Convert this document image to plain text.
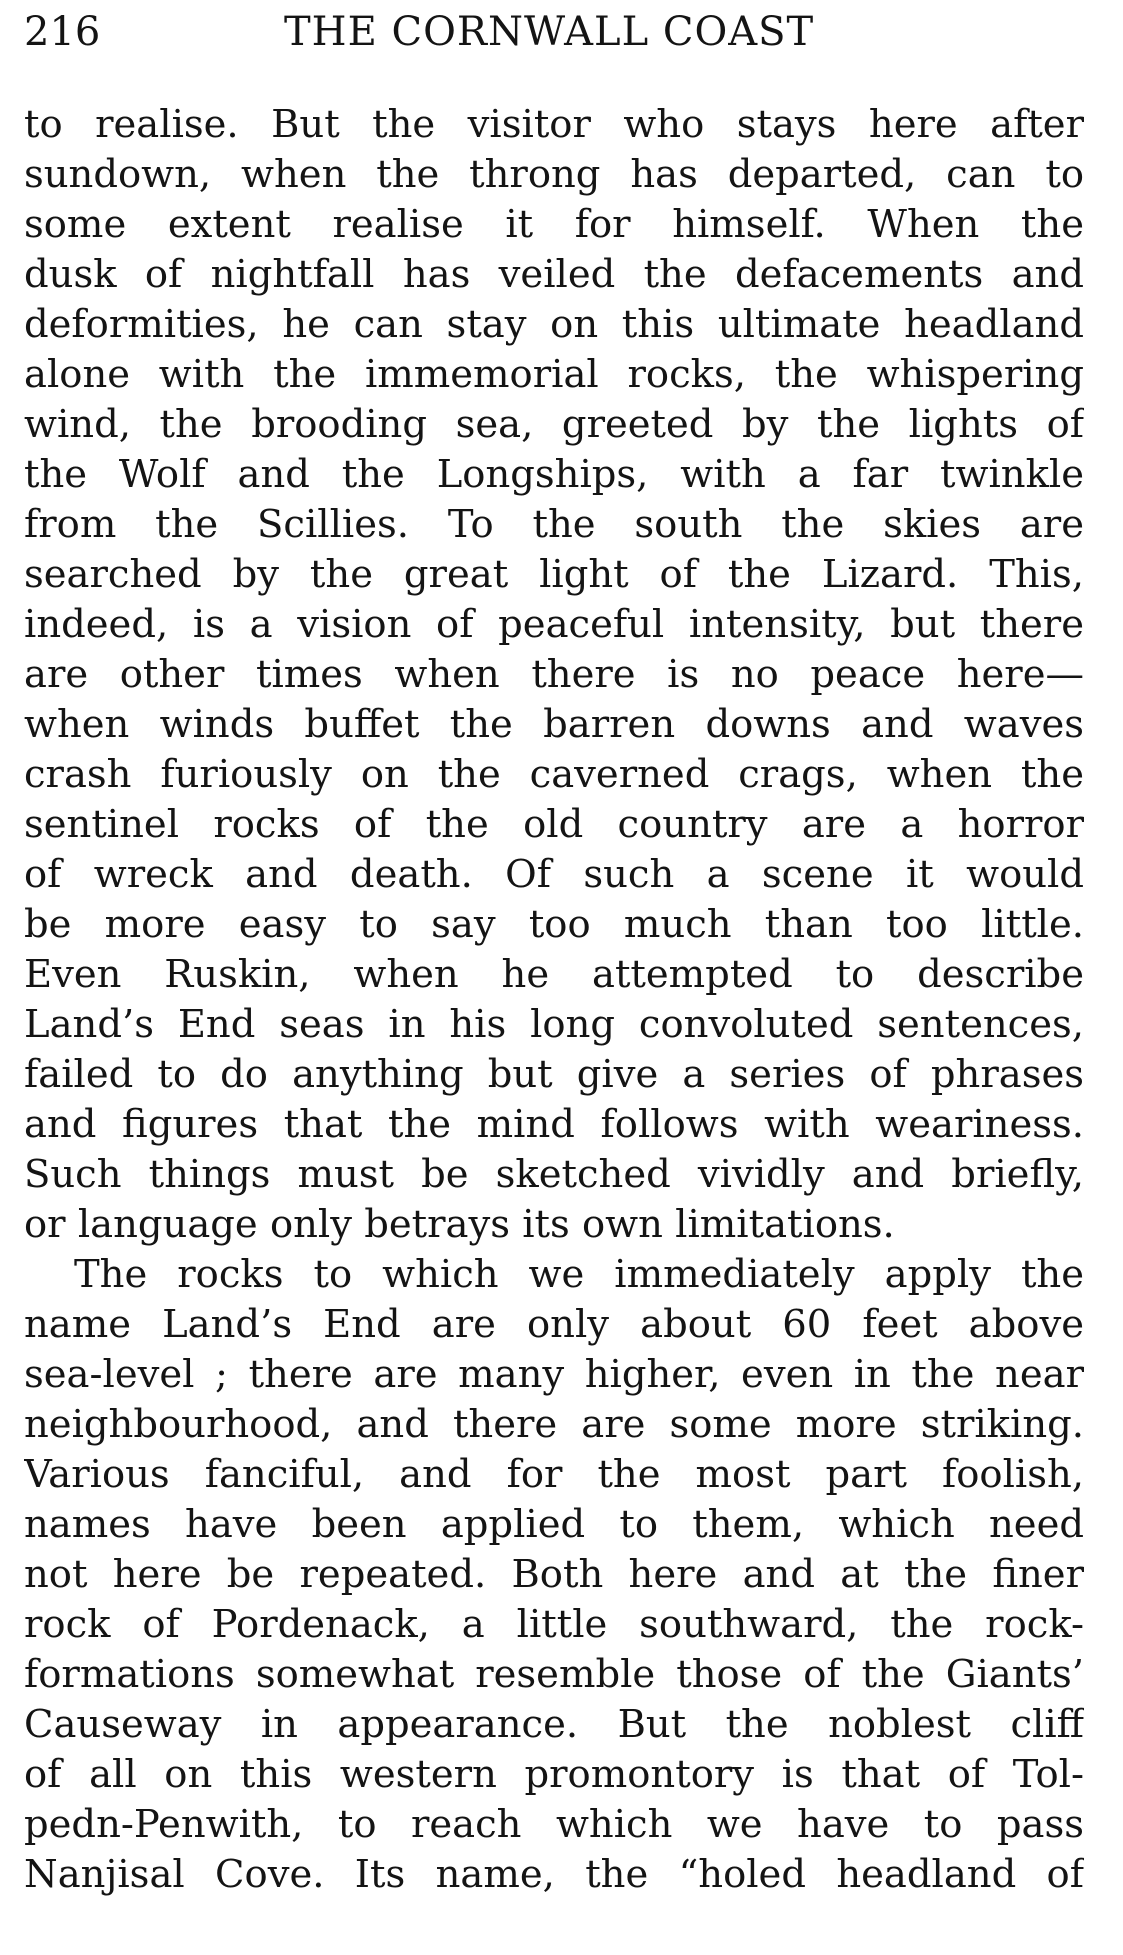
216	THE CORNWALL COAST
to realise. But the visitor who stays here after
sundown, when the throng has departed, can to
some extent realise it for himself. When the
dusk of nightfall has veiled the defacements and
deformities, he can stay on this ultimate headland
alone with the immemorial rocks, the whispering
wind, the brooding sea, greeted by the lights of
the Wolf and the Longships, with a far twinkle
from the Scillies. To the south the skies are
searched by the great light of the Lizard. This,
indeed, is a vision of peaceful intensity, but there
are other times when there is no peace here—
when winds buffet the barren downs and waves
crash furiously on the caverned crags, when the
sentinel rocks of the old country are a horror
of wreck and death. Of such a scene it would
be more easy to say too much than too little.
Even Ruskin, when he attempted to describe
Land’s End seas in his long convoluted sentences,
failed to do anything but give a series of phrases
and figures that the mind follows with weariness.
Such things must be sketched vividly and briefly,
or language only betrays its own limitations.
The rocks to which we immediately apply the
name Land’s End are only about 60 feet above
sea-level ; there are many higher, even in the near
neighbourhood, and there are some more striking.
Various fanciful, and for the most part foolish,
names have been applied to them, which need
not here be repeated. Both here and at the finer
rock of Pordenack, a little southward, the rock-
formations somewhat resemble those of the Giants’
Causeway in appearance. But the noblest cliff
of all on this western promontory is that of Tol-
pedn-Penwith, to reach which we have to pass
Nanjisal Cove. Its name, the “holed headland of
